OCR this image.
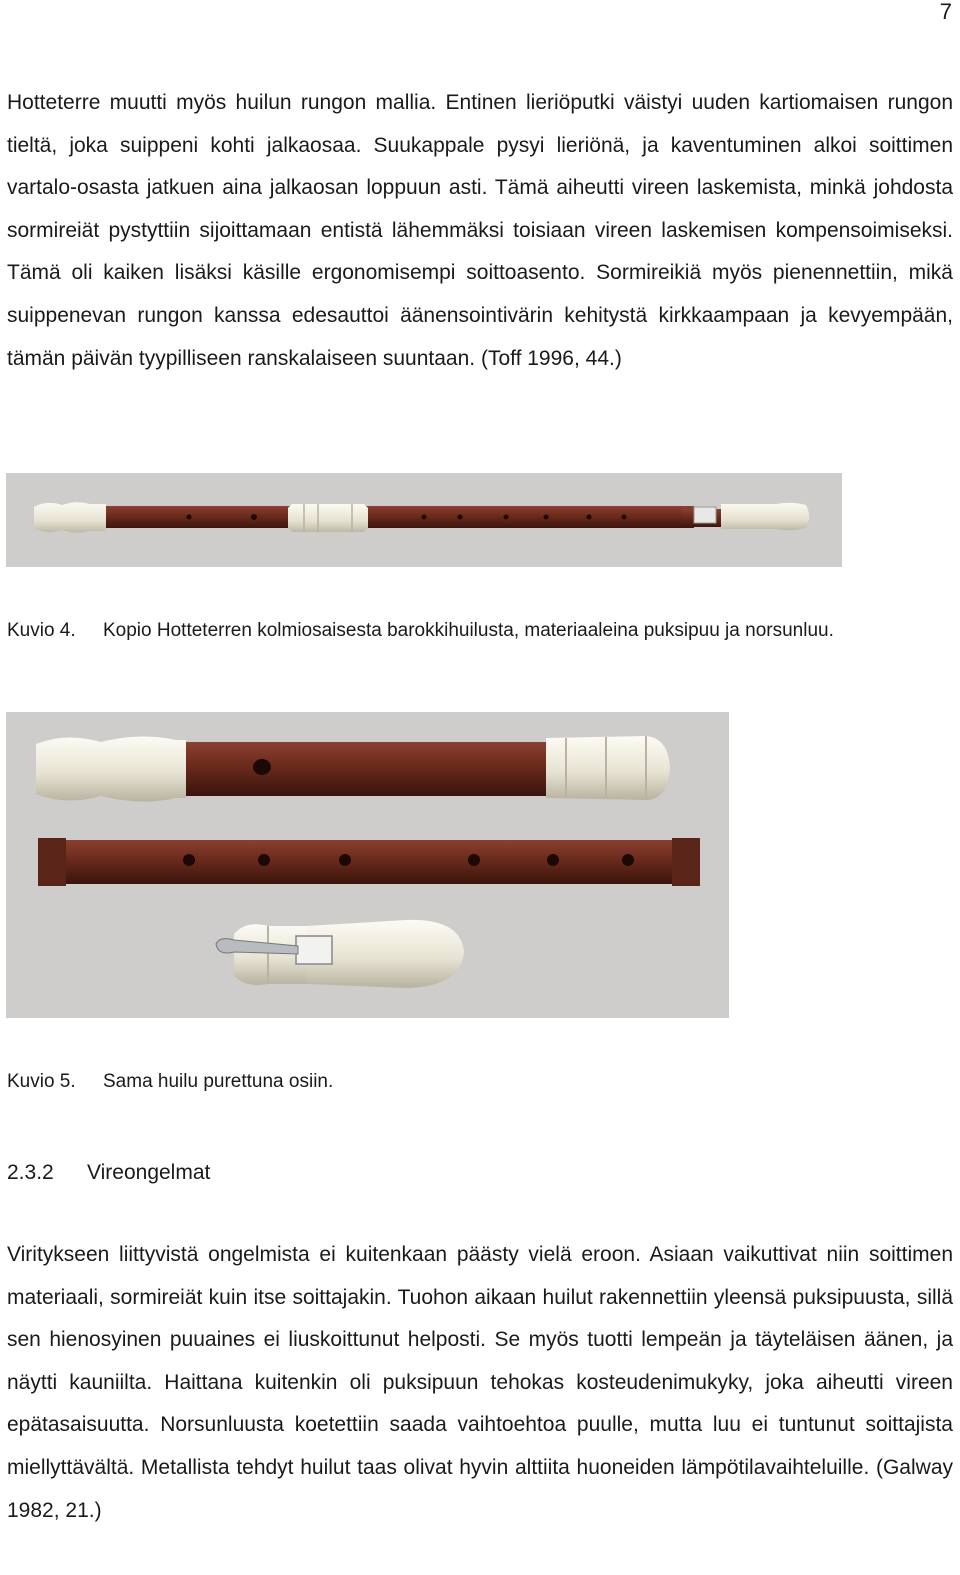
7

Hotteterre muutti myös huilun rungon mallia. Entinen lieriöputki väistyi uuden kartiomaisen rungon tieltä, joka suippeni kohti jalkaosaa. Suukappale pysyi lieriönä, ja kaventuminen alkoi soittimen vartalo-osasta jatkuen aina jalkaosan loppuun asti. Tämä aiheutti vireen laskemista, minkä johdosta sormireiät pystyttiin sijoittamaan entistä lähemmäksi toisiaan vireen laskemisen kompensoimiseksi. Tämä oli kaiken lisäksi käsille ergonomisempi soittoasento. Sormireikiä myös pienennettiin, mikä suippenevan rungon kanssa edesauttoi äänensointivärin kehitystä kirkkaampaan ja kevyempään, tämän päivän tyypilliseen ranskalaiseen suuntaan. (Toff 1996, 44.)

Kuvio 4.	Kopio Hotteterren kolmiosaisesta barokkihuilusta, materiaaleina puksipuu ja norsunluu.
Kuvio 5.	Sama huilu purettuna osiin.
2.3.2	Vireongelmat

Viritykseen liittyvistä ongelmista ei kuitenkaan päästy vielä eroon. Asiaan vaikuttivat niin soittimen materiaali, sormireiät kuin itse soittajakin. Tuohon aikaan huilut rakennettiin yleensä puksipuusta, sillä sen hienosyinen puuaines ei liuskoittunut helposti. Se myös tuotti lempeän ja täyteläisen äänen, ja näytti kauniilta. Haittana kuitenkin oli puksipuun tehokas kosteudenimukyky, joka aiheutti vireen epätasaisuutta. Norsunluusta koetettiin saada vaihtoehtoa puulle, mutta luu ei tuntunut soittajista miellyttävältä. Metallista tehdyt huilut taas olivat hyvin alttiita huoneiden lämpötilavaihteluille. (Galway 1982, 21.)
